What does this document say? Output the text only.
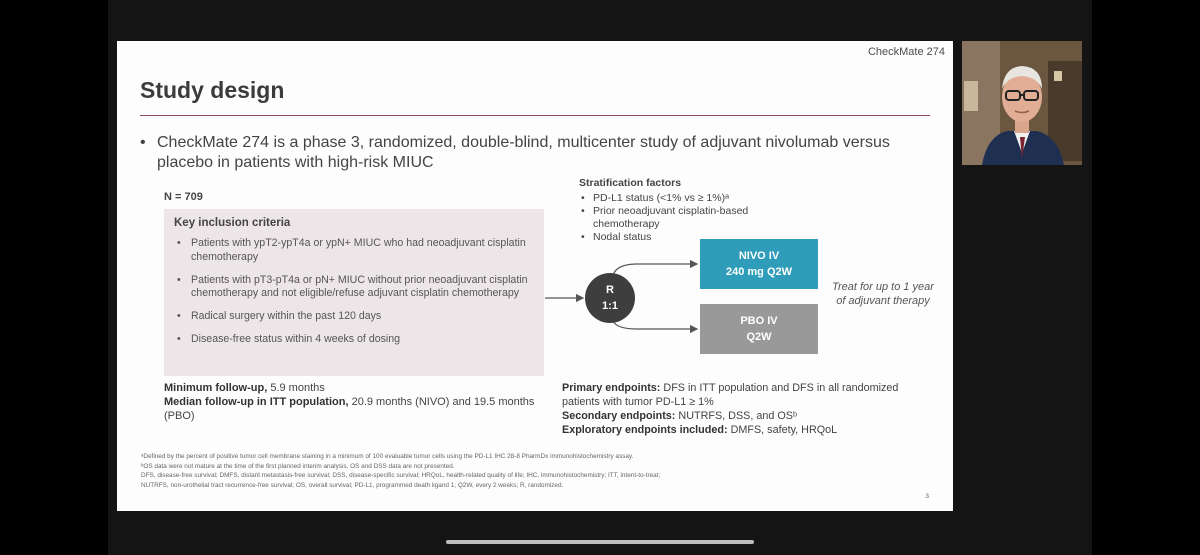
CheckMate 274
Study design
• CheckMate 274 is a phase 3, randomized, double-blind, multicenter study of adjuvant nivolumab versus placebo in patients with high-risk MIUC
N = 709
Key inclusion criteria
• Patients with ypT2-ypT4a or ypN+ MIUC who had neoadjuvant cisplatin chemotherapy
• Patients with pT3-pT4a or pN+ MIUC without prior neoadjuvant cisplatin chemotherapy and not eligible/refuse adjuvant cisplatin chemotherapy
• Radical surgery within the past 120 days
• Disease-free status within 4 weeks of dosing
Minimum follow-up, 5.9 months
Median follow-up in ITT population, 20.9 months (NIVO) and 19.5 months (PBO)
Stratification factors
• PD-L1 status (<1% vs ≥ 1%)ᵃ
• Prior neoadjuvant cisplatin-based chemotherapy
• Nodal status
R
1:1
NIVO IV
240 mg Q2W
PBO IV
Q2W
Treat for up to 1 year of adjuvant therapy
Primary endpoints: DFS in ITT population and DFS in all randomized patients with tumor PD-L1 ≥ 1%
Secondary endpoints: NUTRFS, DSS, and OSᵇ
Exploratory endpoints included: DMFS, safety, HRQoL
ᵃDefined by the percent of positive tumor cell membrane staining in a minimum of 100 evaluable tumor cells using the PD-L1 IHC 28-8 PharmDx immunohistochemistry assay.
ᵇOS data were not mature at the time of the first planned interim analysis. OS and DSS data are not presented.
DFS, disease-free survival; DMFS, distant metastasis-free survival; DSS, disease-specific survival; HRQoL, health-related quality of life; IHC, immunohistochemistry; ITT, intent-to-treat;
NUTRFS, non-urothelial tract recurrence-free survival; OS, overall survival; PD-L1, programmed death ligand 1; Q2W, every 2 weeks; R, randomized.
3
